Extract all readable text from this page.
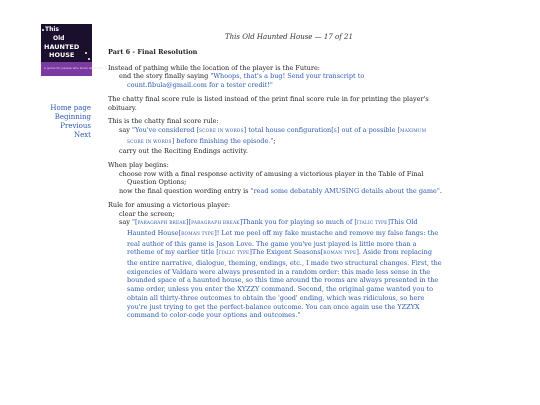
This
Old
HAUNTED
HOUSE
A game for people who know what they want
Home page
Beginning
Previous
Next
This Old Haunted House — 17 of 21
Part 6 - Final Resolution

Instead of pathing while the location of the player is the Future:

end the story finally saying "Whoops, that's a bug! Send your transcript to count.fibula@gmail.com for a tester credit!"

The chatty final score rule is listed instead of the print final score rule in for printing the player's obituary.

This is the chatty final score rule:

say "You've considered [SCORE IN WORDS] total house configuration[S] out of a possible [MAXIMUM SCORE IN WORDS] before finishing the episode.";

carry out the Reciting Endings activity.

When play begins:

choose row with a final response activity of amusing a victorious player in the Table of Final Question Options;

now the final question wording entry is "read some debatably AMUSING details about the game".

Rule for amusing a victorious player:

clear the screen;

say "[PARAGRAPH BREAK][PARAGRAPH BREAK]Thank you for playing so much of [ITALIC TYPE]This Old Haunted House[ROMAN TYPE]! Let me peel off my fake mustache and remove my false fangs: the real author of this game is Jason Love. The game you've just played is little more than a retheme of my earlier title [ITALIC TYPE]The Exigent Seasons[ROMAN TYPE]. Aside from replacing the entire narrative, dialogue, theming, endings, etc., I made two structural changes. First, the exigencies of Valdara were always presented in a random order: this made less sense in the bounded space of a haunted house, so this time around the rooms are always presented in the same order, unless you enter the XYZZY command. Second, the original game wanted you to obtain all thirty-three outcomes to obtain the 'good' ending, which was ridiculous, so here you're just trying to get the perfect-balance outcome. You can once again use the YZZYX command to color-code your options and outcomes."
